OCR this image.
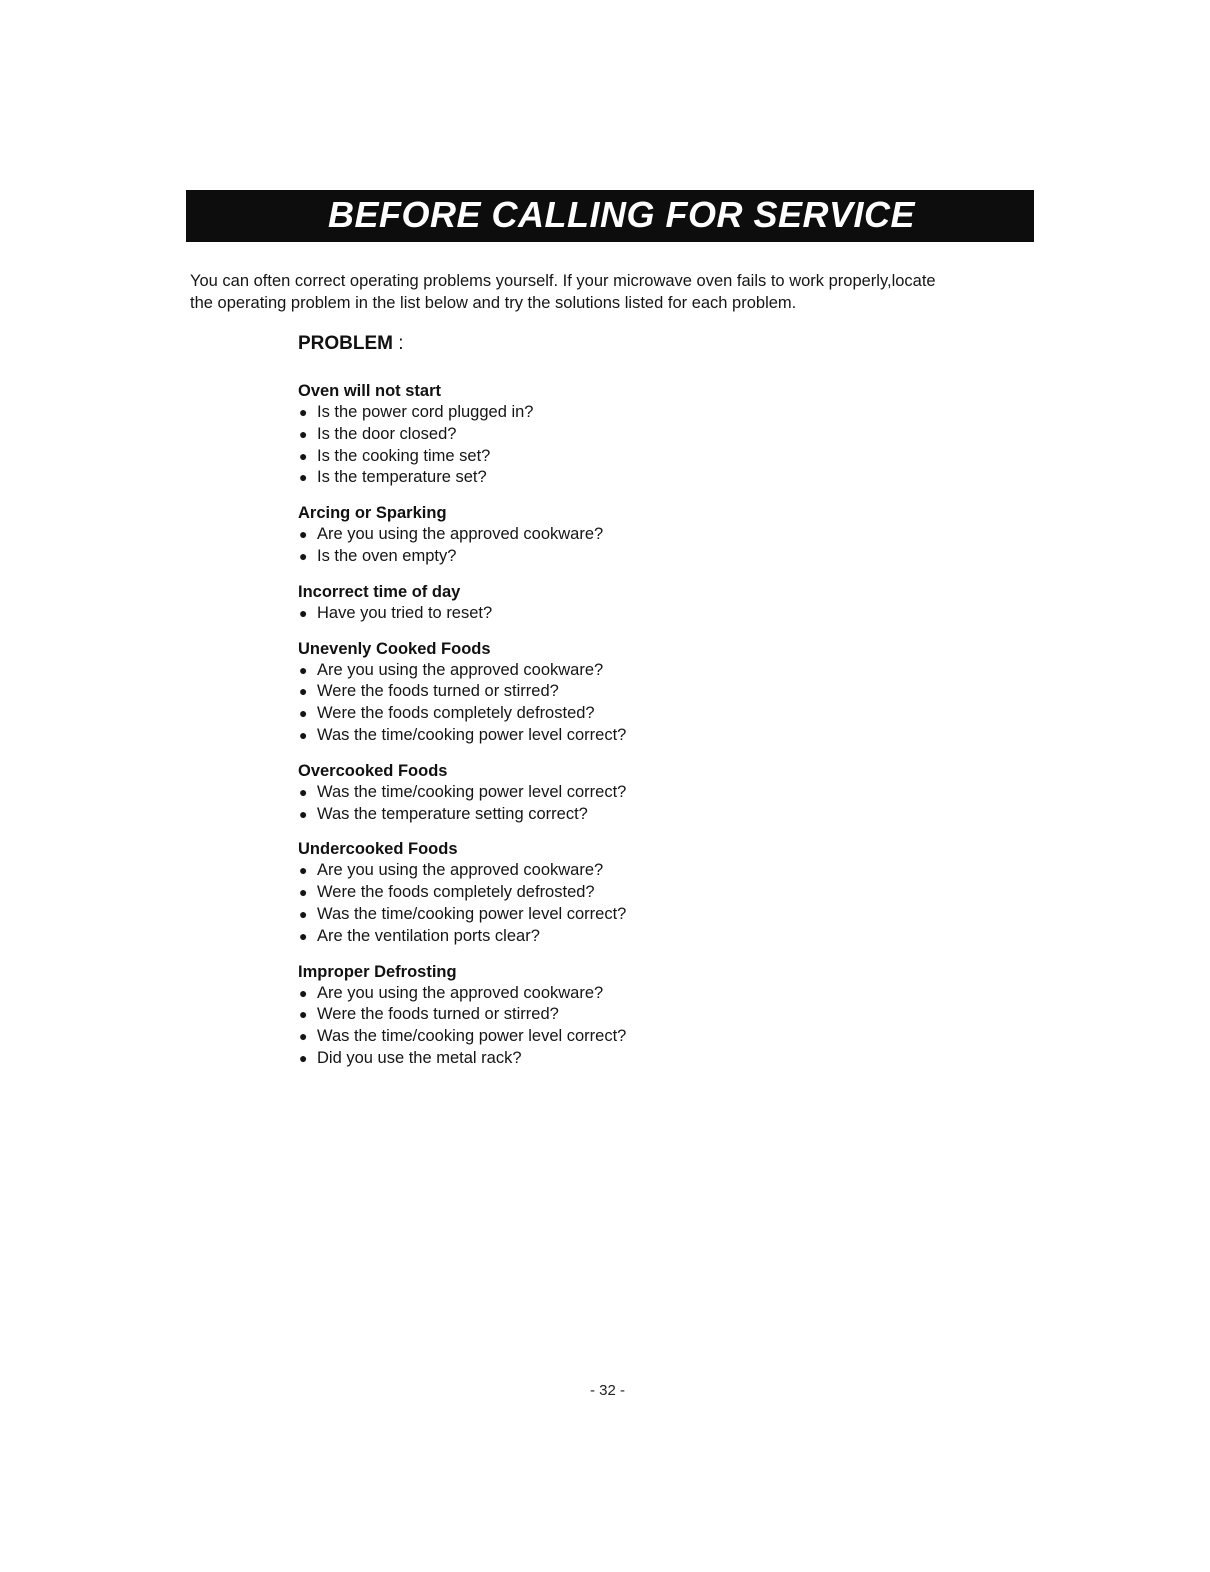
BEFORE CALLING FOR SERVICE

You can often correct operating problems yourself. If your microwave oven fails to work properly,locate

the operating problem in the list below and try the solutions listed for each problem.

PROBLEM :
Oven will not start
● Is the power cord plugged in?
● Is the door closed?
● Is the cooking time set?
● Is the temperature set?
Arcing or Sparking
● Are you using the approved cookware?
● Is the oven empty?
Incorrect time of day
● Have you tried to reset?
Unevenly Cooked Foods
● Are you using the approved cookware?
● Were the foods turned or stirred?
● Were the foods completely defrosted?
● Was the time/cooking power level correct?
Overcooked Foods
● Was the time/cooking power level correct?
● Was the temperature setting correct?
Undercooked Foods
● Are you using the approved cookware?
● Were the foods completely defrosted?
● Was the time/cooking power level correct?
● Are the ventilation ports clear?
Improper Defrosting
● Are you using the approved cookware?
● Were the foods turned or stirred?
● Was the time/cooking power level correct?
● Did you use the metal rack?
- 32 -
